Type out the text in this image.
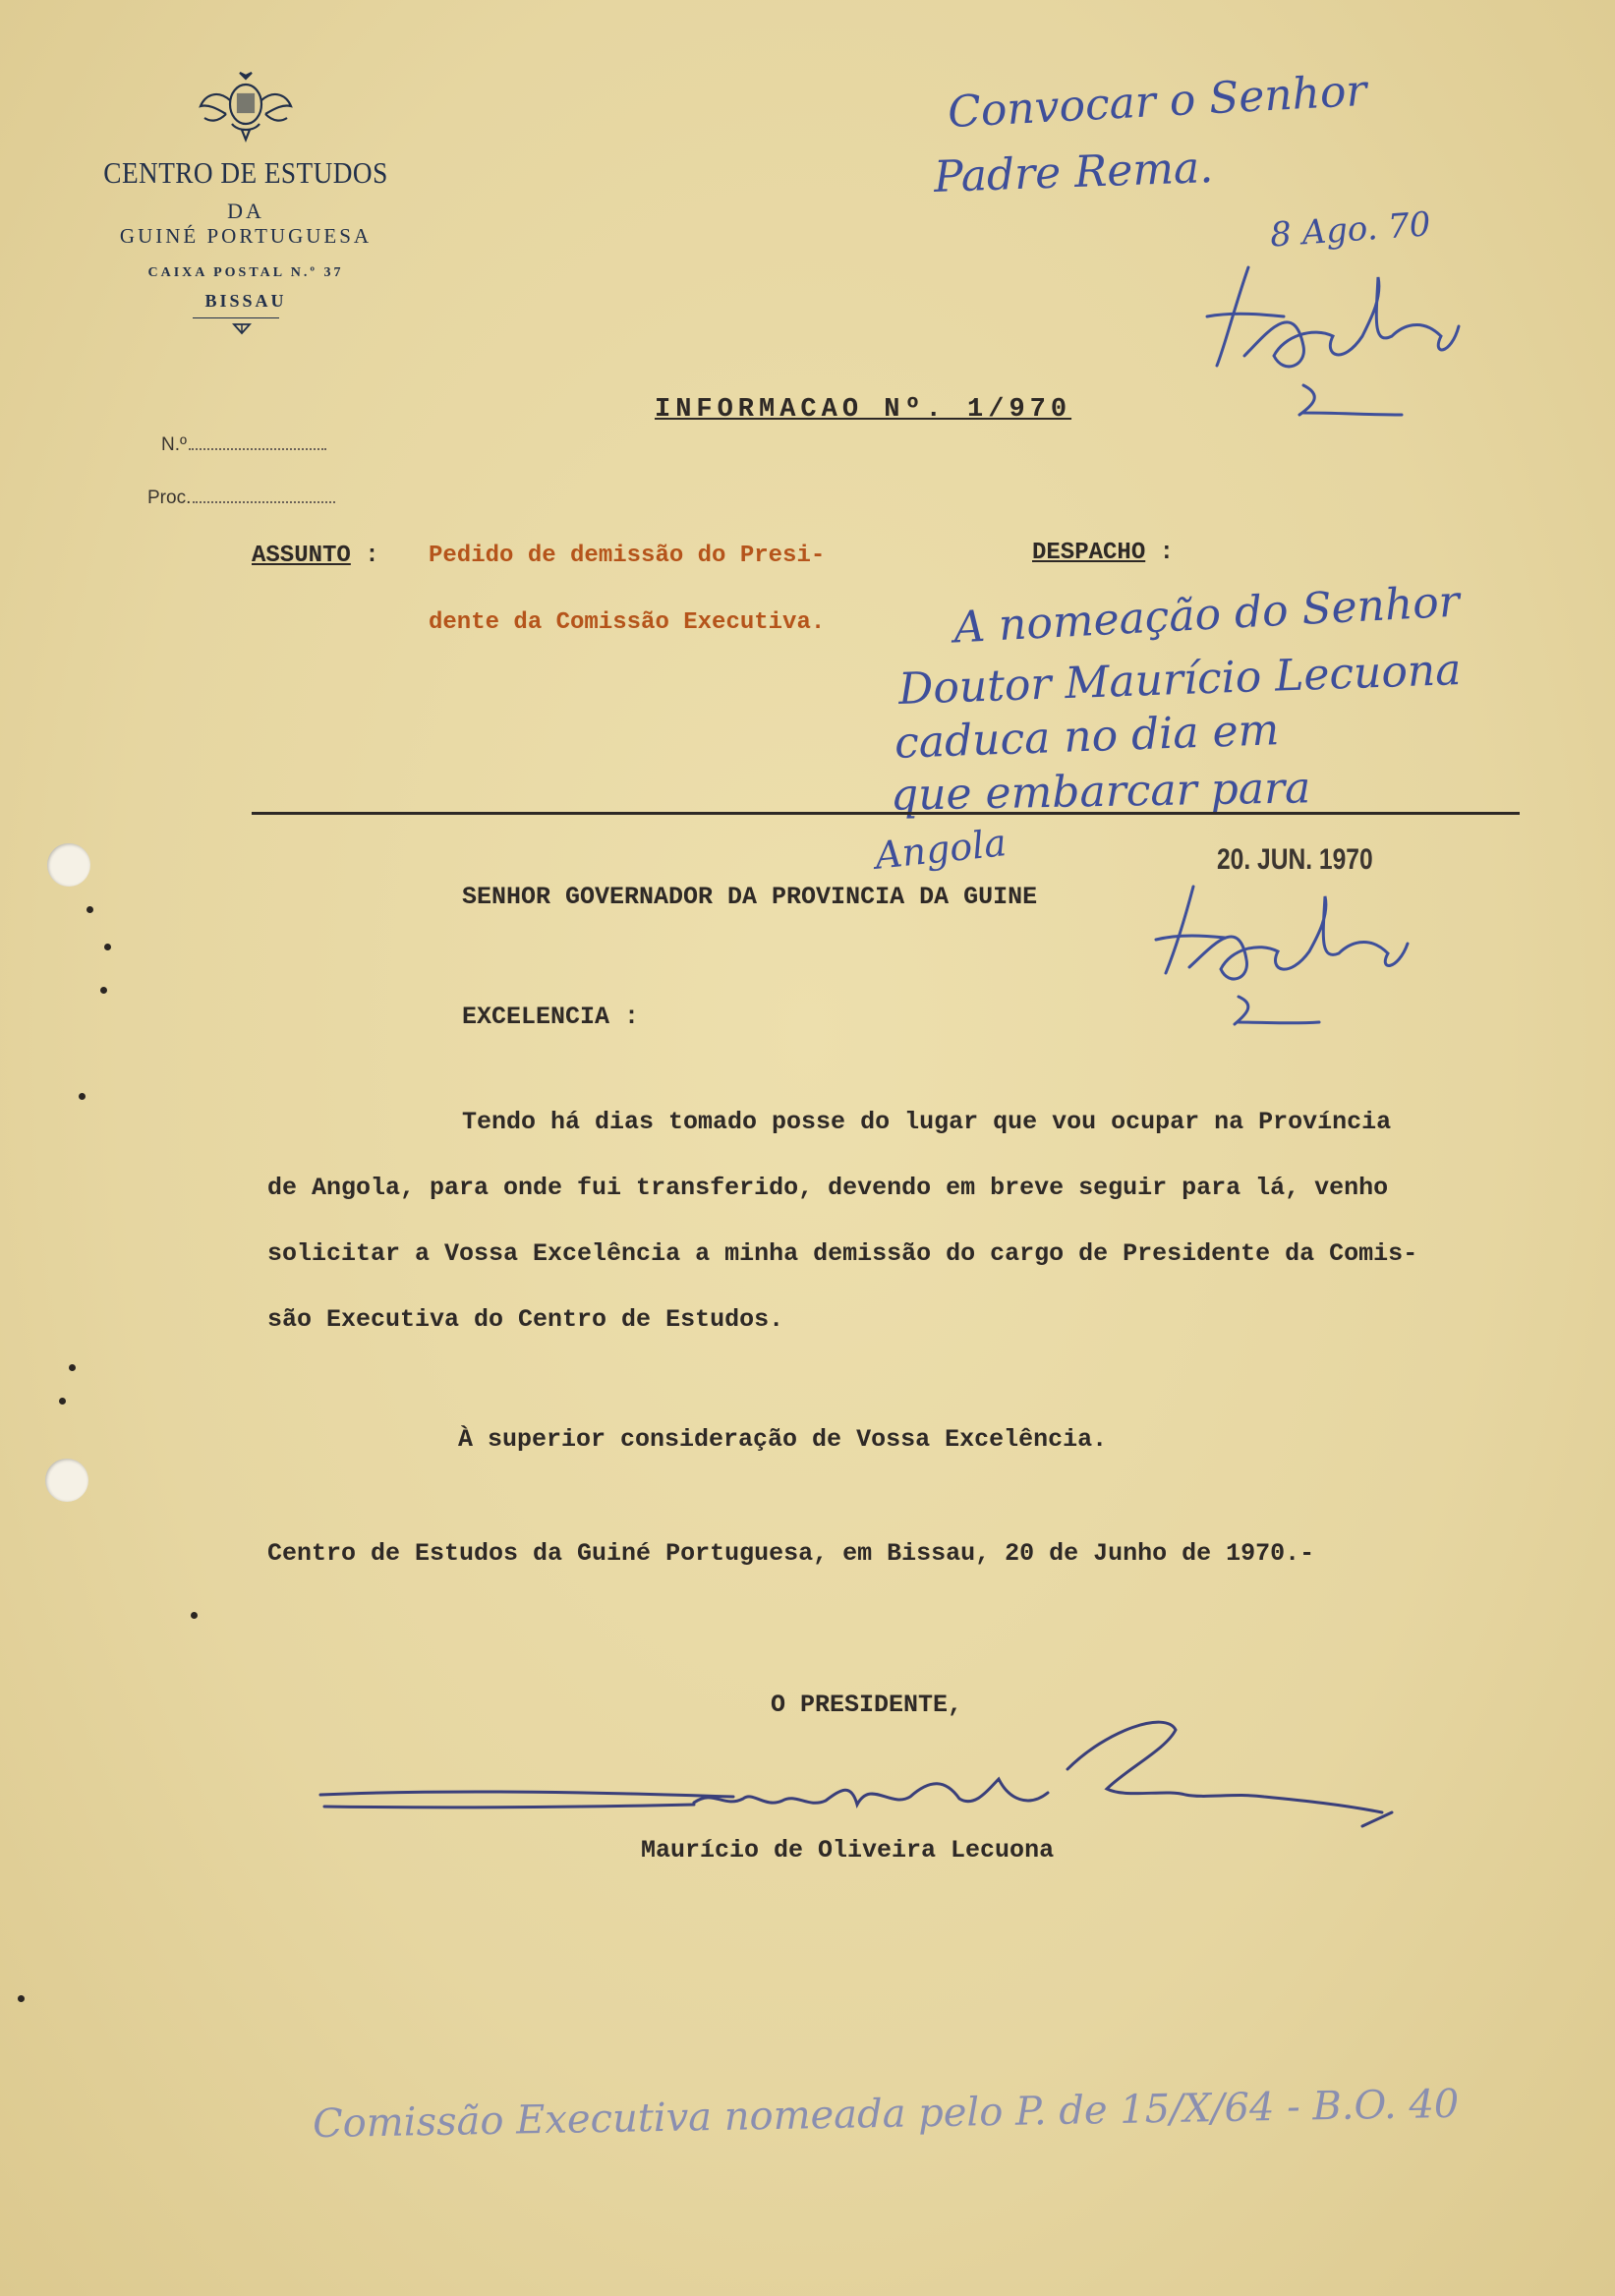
CENTRO DE ESTUDOS
DA
GUINÉ PORTUGUESA
CAIXA POSTAL N.º 37
BISSAU
N.º
Proc.
Convocar o Senhor
Padre Rema.
8 Ago. 70
INFORMACAO Nº. 1/970
ASSUNTO : Pedido de demissão do Presi-
dente da Comissão Executiva.
DESPACHO :
A nomeação do Senhor
Doutor Maurício Lecuona
caduca no dia em
que embarcar para
Angola	20. JUN. 1970
SENHOR GOVERNADOR DA PROVINCIA DA GUINE
EXCELENCIA :
Tendo há dias tomado posse do lugar que vou ocupar na Província
de Angola, para onde fui transferido, devendo em breve seguir para lá, venho
solicitar a Vossa Excelência a minha demissão do cargo de Presidente da Comis-
são Executiva do Centro de Estudos.
À superior consideração de Vossa Excelência.
Centro de Estudos da Guiné Portuguesa, em Bissau, 20 de Junho de 1970.-
O PRESIDENTE,
Maurício de Oliveira Lecuona
Comissão Executiva nomeada pelo P. de 15/X/64 - B.O. 40
